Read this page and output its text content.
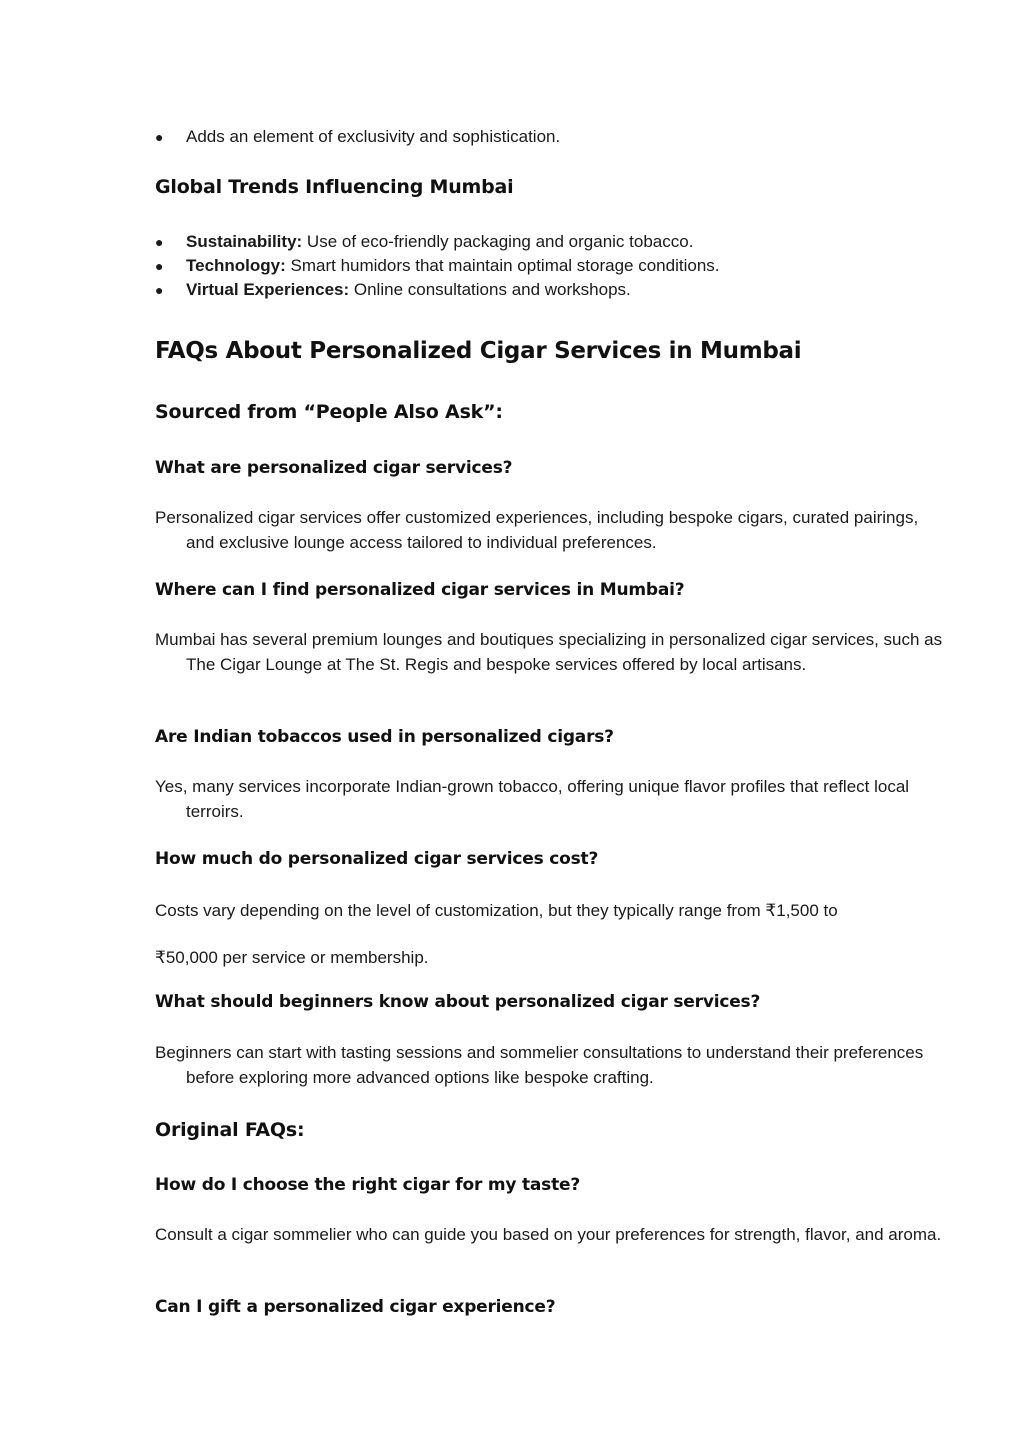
●	Adds an element of exclusivity and sophistication.
Global Trends Influencing Mumbai
●	Sustainability: Use of eco-friendly packaging and organic tobacco.
●	Technology: Smart humidors that maintain optimal storage conditions.
●	Virtual Experiences: Online consultations and workshops.
FAQs About Personalized Cigar Services in Mumbai
Sourced from “People Also Ask”:
What are personalized cigar services?
Personalized cigar services offer customized experiences, including bespoke cigars, curated pairings, and exclusive lounge access tailored to individual preferences.
Where can I find personalized cigar services in Mumbai?
Mumbai has several premium lounges and boutiques specializing in personalized cigar services, such as The Cigar Lounge at The St. Regis and bespoke services offered by local artisans.
Are Indian tobaccos used in personalized cigars?
Yes, many services incorporate Indian-grown tobacco, offering unique flavor profiles that reflect local terroirs.
How much do personalized cigar services cost?
Costs vary depending on the level of customization, but they typically range from ₹1,500 to
₹50,000 per service or membership.
What should beginners know about personalized cigar services?
Beginners can start with tasting sessions and sommelier consultations to understand their preferences before exploring more advanced options like bespoke crafting.
Original FAQs:
How do I choose the right cigar for my taste?
Consult a cigar sommelier who can guide you based on your preferences for strength, flavor, and aroma.
Can I gift a personalized cigar experience?
